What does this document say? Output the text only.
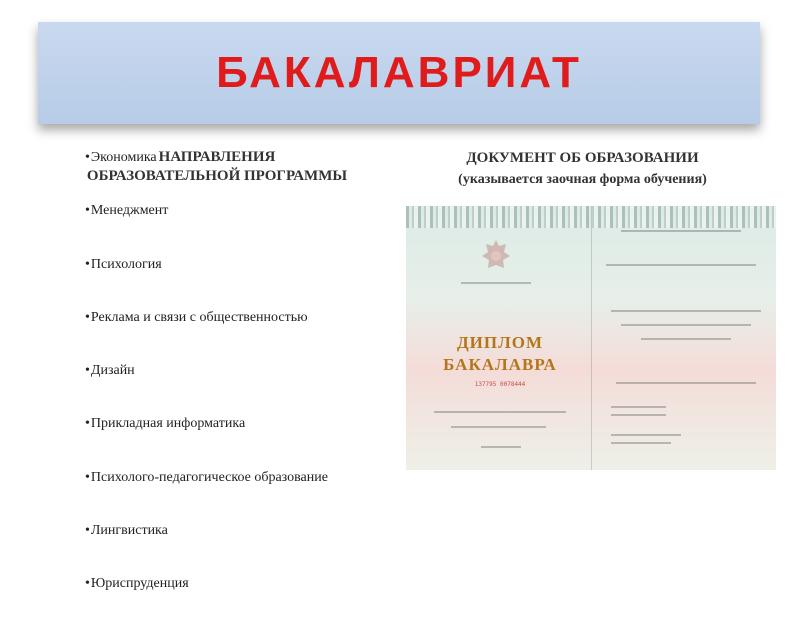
БАКАЛАВРИАТ
НАПРАВЛЕНИЯ
ОБРАЗОВАТЕЛЬНОЙ ПРОГРАММЫ
•Экономика
•Менеджмент
•Психология
•Реклама и связи с общественностью
•Дизайн
•Прикладная информатика
•Психолого-педагогическое образование
•Лингвистика
•Юриспруденция
ДОКУМЕНТ ОБ ОБРАЗОВАНИИ
(указывается заочная форма обучения)
ДИПЛОМ
БАКАЛАВРА
137795 0078444
